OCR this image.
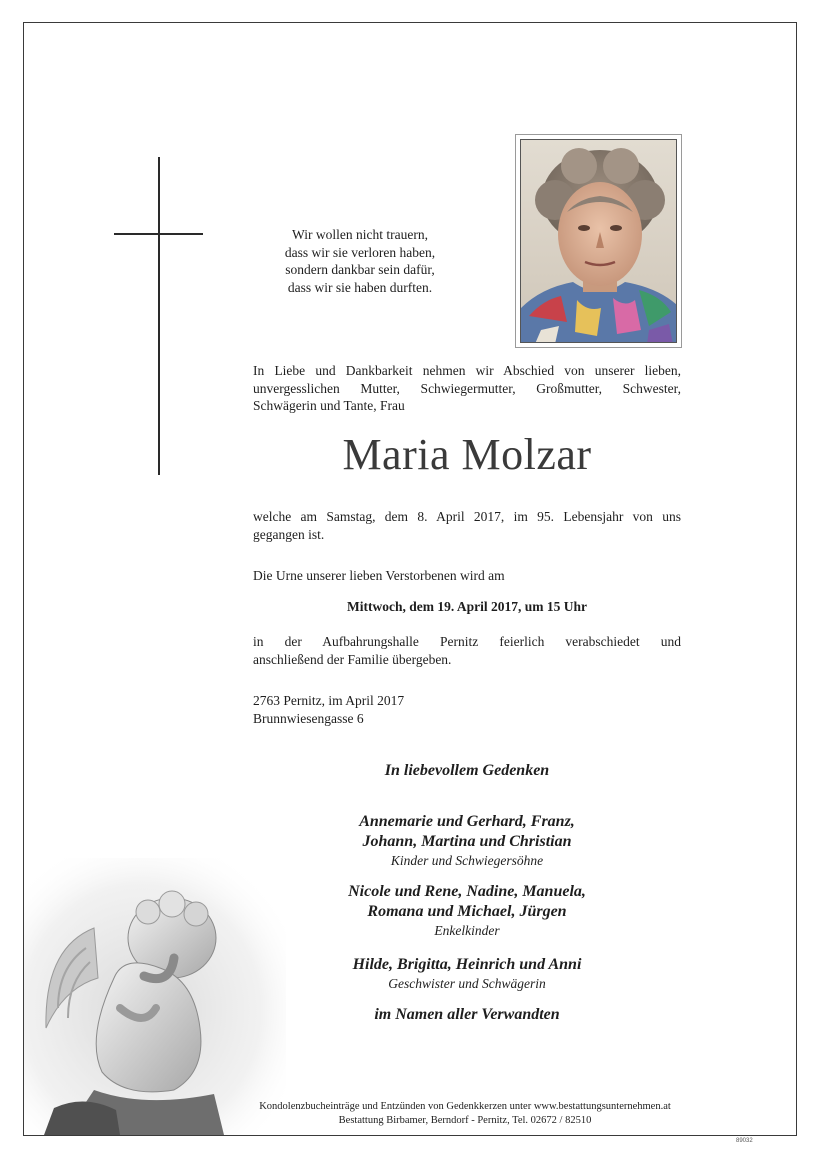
Wir wollen nicht trauern,
dass wir sie verloren haben,
sondern dankbar sein dafür,
dass wir sie haben durften.
In Liebe und Dankbarkeit nehmen wir Abschied von unserer lieben,
unvergesslichen Mutter, Schwiegermutter, Großmutter, Schwester,
Schwägerin und Tante, Frau
Maria Molzar
welche am Samstag, dem 8. April 2017, im 95. Lebensjahr von uns
gegangen ist.
Die Urne unserer lieben Verstorbenen wird am
Mittwoch, dem 19. April 2017, um 15 Uhr
in der Aufbahrungshalle Pernitz feierlich verabschiedet und
anschließend der Familie übergeben.
2763 Pernitz, im April 2017
Brunnwiesengasse 6
In liebevollem Gedenken
Annemarie und Gerhard, Franz,
Johann, Martina und Christian
Kinder und Schwiegersöhne
Nicole und Rene, Nadine, Manuela,
Romana und Michael, Jürgen
Enkelkinder
Hilde, Brigitta, Heinrich und Anni
Geschwister und Schwägerin
im Namen aller Verwandten
Kondolenzbucheinträge und Entzünden von Gedenkkerzen unter www.bestattungsunternehmen.at
Bestattung Birbamer, Berndorf - Pernitz, Tel. 02672 / 82510
89032
